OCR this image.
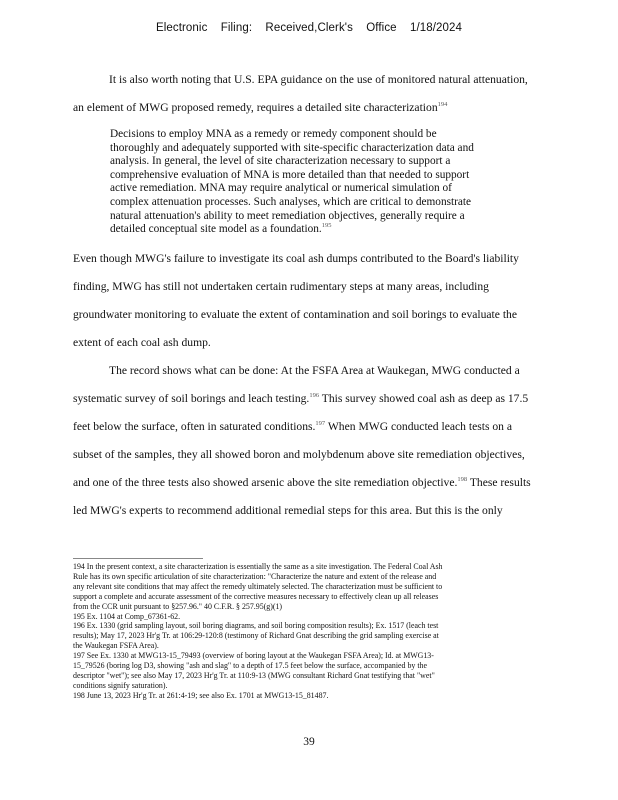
Electronic Filing: Received,Clerk's Office 1/18/2024
It is also worth noting that U.S. EPA guidance on the use of monitored natural attenuation,
an element of MWG proposed remedy, requires a detailed site characterization$^{194}$
Even though MWG's failure to investigate its coal ash dumps contributed to the Board's liability
finding, MWG has still not undertaken certain rudimentary steps at many areas, including
groundwater monitoring to evaluate the extent of contamination and soil borings to evaluate the
extent of each coal ash dump.
The record shows what can be done: At the FSFA Area at Waukegan, MWG conducted a
systematic survey of soil borings and leach testing.$^{196}$ This survey showed coal ash as deep as 17.5
feet below the surface, often in saturated conditions.$^{197}$ When MWG conducted leach tests on a
subset of the samples, they all showed boron and molybdenum above site remediation objectives,
and one of the three tests also showed arsenic above the site remediation objective.$^{198}$ These results
led MWG's experts to recommend additional remedial steps for this area. But this is the only
Decisions to employ MNA as a remedy or remedy component should be
thoroughly and adequately supported with site-specific characterization data and
analysis. In general, the level of site characterization necessary to support a
comprehensive evaluation of MNA is more detailed than that needed to support
active remediation. MNA may require analytical or numerical simulation of
complex attenuation processes. Such analyses, which are critical to demonstrate
natural attenuation's ability to meet remediation objectives, generally require a
detailed conceptual site model as a foundation.$^{195}$
194 In the present context, a site characterization is essentially the same as a site investigation. The Federal Coal Ash
Rule has its own specific articulation of site characterization: "Characterize the nature and extent of the release and
any relevant site conditions that may affect the remedy ultimately selected. The characterization must be sufficient to
support a complete and accurate assessment of the corrective measures necessary to effectively clean up all releases
from the CCR unit pursuant to §257.96." 40 C.F.R. § 257.95(g)(1)
195 Ex. 1104 at Comp_67361-62.
196 Ex. 1330 (grid sampling layout, soil boring diagrams, and soil boring composition results); Ex. 1517 (leach test
results); May 17, 2023 Hr'g Tr. at 106:29-120:8 (testimony of Richard Gnat describing the grid sampling exercise at
the Waukegan FSFA Area).
197 See Ex. 1330 at MWG13-15_79493 (overview of boring layout at the Waukegan FSFA Area); Id. at MWG13-
15_79526 (boring log D3, showing "ash and slag" to a depth of 17.5 feet below the surface, accompanied by the
descriptor "wet"); see also May 17, 2023 Hr'g Tr. at 110:9-13 (MWG consultant Richard Gnat testifying that "wet"
conditions signify saturation).
198 June 13, 2023 Hr'g Tr. at 261:4-19; see also Ex. 1701 at MWG13-15_81487.
39
